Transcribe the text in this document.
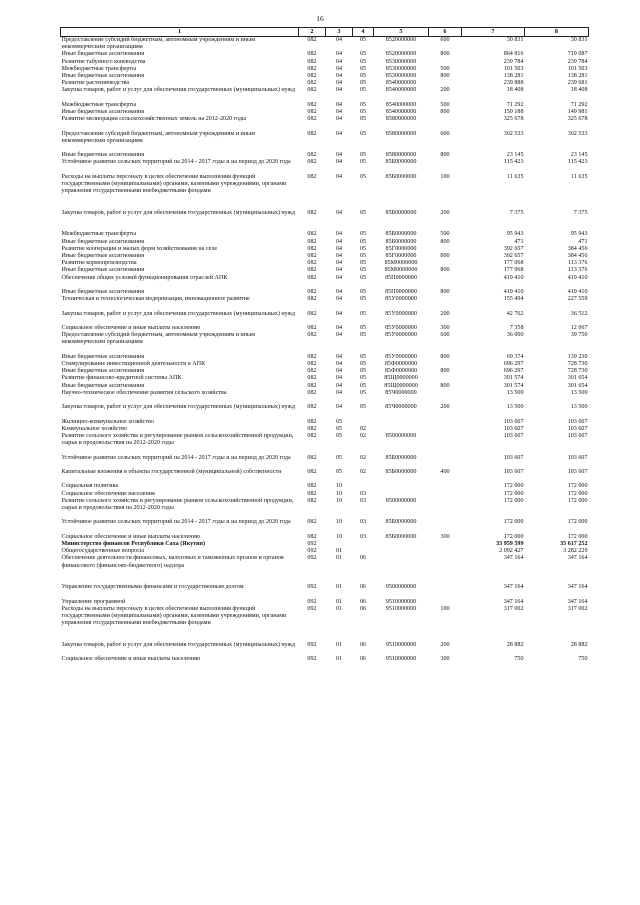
16
1	2	3	4	5	6	7	8
Предоставление субсидий бюджетным, автономным учреждениям и иным некоммерческим организациям	082	04	05	8520000000	600	30 831	30 831
Иные бюджетные ассигнования	082	04	05	8520000000	800	864 816	719 087
Развитие табунного коневодства	082	04	05	8530000000		239 784	239 784
Межбюджетные трансферты	082	04	05	8530000000	500	101 503	101 503
Иные бюджетные ассигнования	082	04	05	8530000000	800	138 281	138 281
Развитие растениеводства	082	04	05	8540000000		239 888	239 681
Закупка товаров, работ и услуг для обеспечения государственных (муниципальных) нужд	082	04	05	8540000000	200	18 408	18 408
Межбюджетные трансферты	082	04	05	8540000000	500	71 292	71 292
Иные бюджетные ассигнования	082	04	05	8540000000	800	150 188	149 981
Развитие мелиорации сельскохозяйственных земель на 2012-2020 годы	082	04	05	8580000000		325 678	325 678
Предоставление субсидий бюджетным, автономным учреждениям и иным некоммерческим организациям	082	04	05	8580000000	600	302 533	302 533
Иные бюджетные ассигнования	082	04	05	8580000000	800	23 145	23 145
Устойчивое развитие сельских территорий на 2014 - 2017 годы и на период до 2020 года	082	04	05	85Б0000000		115 423	115 423
Расходы на выплаты персоналу в целях обеспечения выполнения функций государственными (муниципальными) органами, казенными учреждениями, органами управления государственными внебюджетными фондами	082	04	05	85Б0000000	100	11 635	11 635
Закупка товаров, работ и услуг для обеспечения государственных (муниципальных) нужд	082	04	05	85Б0000000	200	7 375	7 375
Межбюджетные трансферты	082	04	05	85Б0000000	500	95 943	95 943
Иные бюджетные ассигнования	082	04	05	85Б0000000	800	471	471
Развитие кооперации и малых форм хозяйствования на селе	082	04	05	85Г0000000		392 657	384 456
Иные бюджетные ассигнования	082	04	05	85Г0000000	800	392 657	384 456
Развитие кормопроизводства	082	04	05	85М0000000		177 068	113 376
Иные бюджетные ассигнования	082	04	05	85М0000000	800	177 068	113 376
Обеспечение общих условий функционирования отраслей АПК	082	04	05	85П0000000		419 410	419 410
Иные бюджетные ассигнования	082	04	05	85П0000000	800	419 410	419 410
Техническая и технологическая модернизация, инновационное развитие	082	04	05	85У0000000		155 494	227 559
Закупка товаров, работ и услуг для обеспечения государственных (муниципальных) нужд	082	04	05	85У0000000	200	42 762	36 512
Социальное обеспечение и иные выплаты населению	082	04	05	85У0000000	300	7 358	12 067
Предоставление субсидий бюджетным, автономным учреждениям и иным некоммерческим организациям	082	04	05	85У0000000	600	36 000	39 750
Иные бюджетные ассигнования	082	04	05	85У0000000	800	69 374	139 230
Стимулирование инвестиционной деятельности в АПК	082	04	05	85Ф0000000		696 297	728 730
Иные бюджетные ассигнования	082	04	05	85Ф0000000	800	696 297	728 730
Развитие финансово-кредитной системы АПК	082	04	05	85Щ0000000		301 574	301 654
Иные бюджетные ассигнования	082	04	05	85Щ0000000	800	301 574	301 654
Научно-техническое обеспечение развития сельского хозяйства	082	04	05	85Ч0000000		13 500	13 500
Закупка товаров, работ и услуг для обеспечения государственных (муниципальных) нужд	082	04	05	85Ч0000000	200	13 500	13 500
Жилищно-коммунальное хозяйство	082	05				103 607	103 607
Коммунальное хозяйство	082	05	02			103 607	103 607
Развитие сельского хозяйства и регулирование рынков сельскохозяйственной продукции, сырья и продовольствия на 2012-2020 годы	082	05	02	8500000000		103 607	103 607
Устойчивое развитие сельских территорий на 2014 - 2017 годы и на период до 2020 года	082	05	02	85Б0000000		103 607	103 607
Капитальные вложения в объекты государственной (муниципальной) собственности	082	05	02	85Б0000000	400	103 607	103 607
Социальная политика	082	10				172 000	172 000
Социальное обеспечение населения	082	10	03			172 000	172 000
Развитие сельского хозяйства и регулирование рынков сельскохозяйственной продукции, сырья и продовольствия на 2012-2020 годы	082	10	03	8500000000		172 000	172 000
Устойчивое развитие сельских территорий на 2014 - 2017 годы и на период до 2020 года	082	10	03	85Б0000000		172 000	172 000
Социальное обеспечение и иные выплаты населению	082	10	03	85Б0000000	300	172 000	172 000
Министерство финансов Республики Саха (Якутия)	092					33 959 599	35 617 252
Общегосударственные вопросы	092	01				2 092 427	3 282 229
Обеспечение деятельности финансовых, налоговых и таможенных органов и органов финансового (финансово-бюджетного) надзора	092	01	06			347 164	347 164
Управление государственными финансами и государственным долгом	092	01	06	9500000000		347 164	347 164
Управление программой	092	01	06	9510000000		347 164	347 164
Расходы на выплаты персоналу в целях обеспечения выполнения функций государственными (муниципальными) органами, казенными учреждениями, органами управления государственными внебюджетными фондами	092	01	06	9510000000	100	317 002	317 002
Закупка товаров, работ и услуг для обеспечения государственных (муниципальных) нужд	092	01	06	9510000000	200	28 882	28 882
Социальное обеспечение и иные выплаты населению	092	01	06	9510000000	300	750	750
